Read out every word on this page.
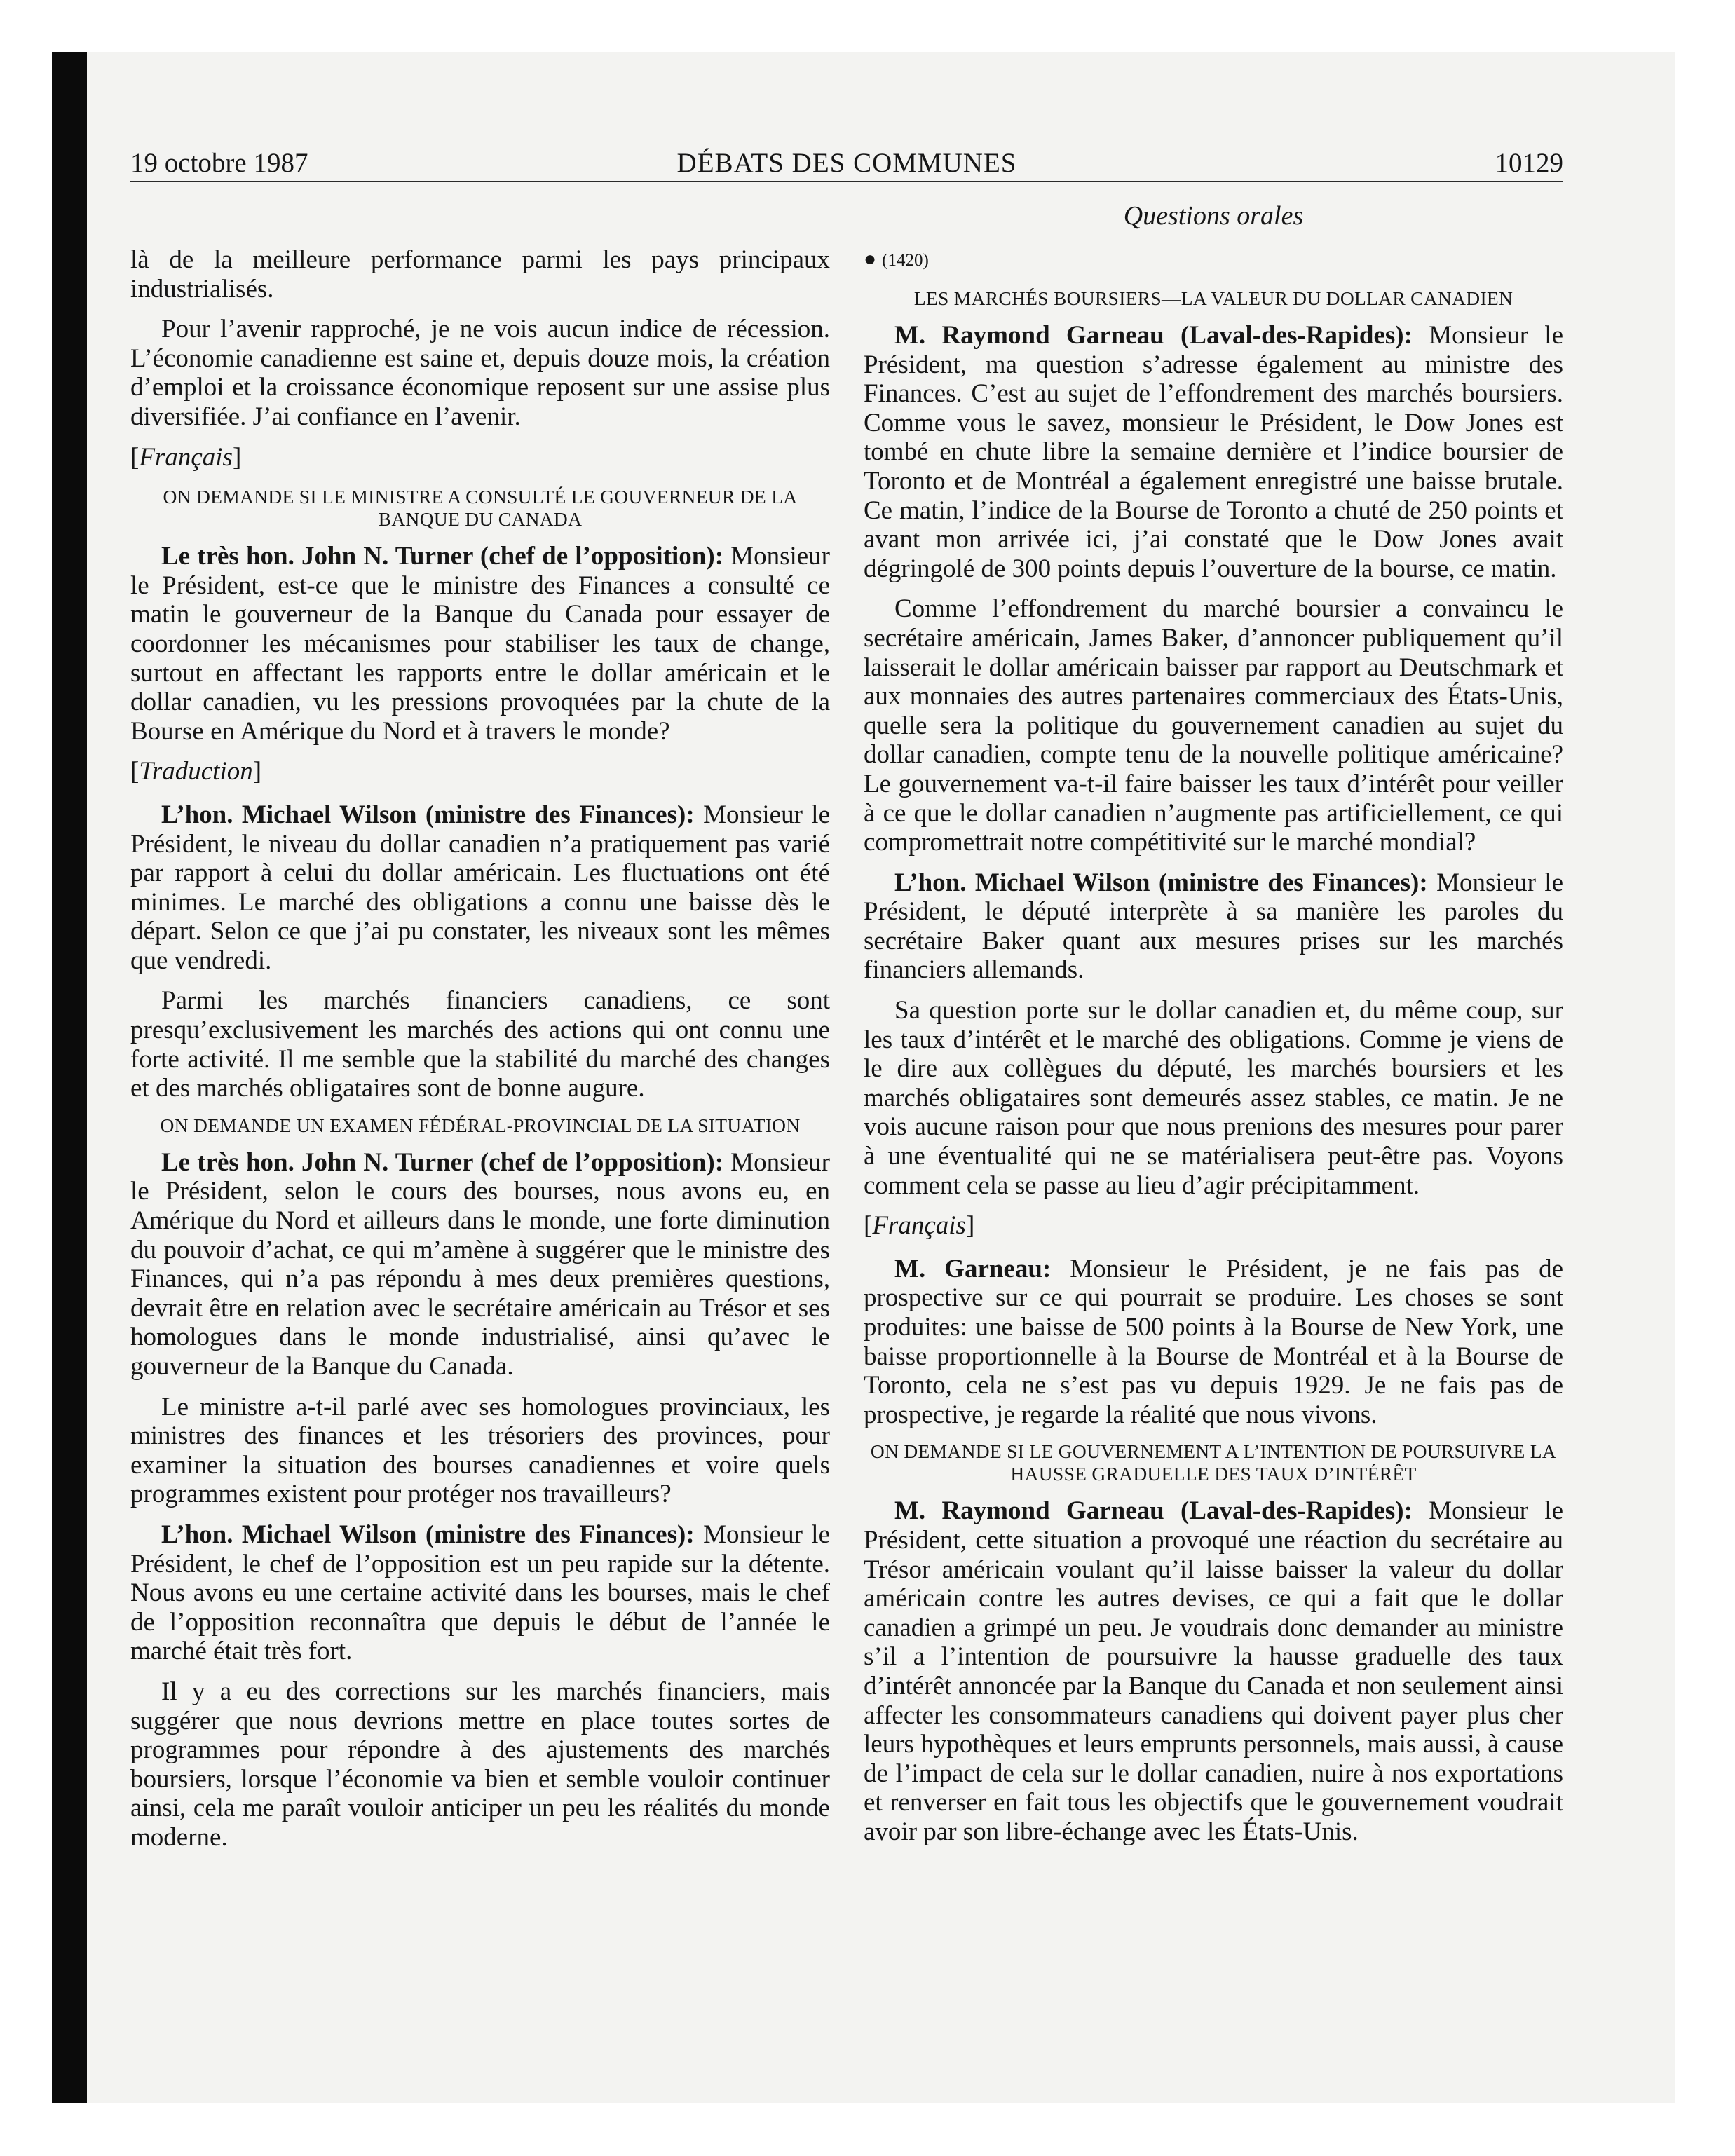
19 octobre 1987	DÉBATS DES COMMUNES	10129
Questions orales

là de la meilleure performance parmi les pays principaux industrialisés.

Pour l’avenir rapproché, je ne vois aucun indice de récession. L’économie canadienne est saine et, depuis douze mois, la création d’emploi et la croissance économique reposent sur une assise plus diversifiée. J’ai confiance en l’avenir.

[Français]

ON DEMANDE SI LE MINISTRE A CONSULTÉ LE GOUVERNEUR DE LA BANQUE DU CANADA

Le très hon. John N. Turner (chef de l’opposition): Monsieur le Président, est-ce que le ministre des Finances a consulté ce matin le gouverneur de la Banque du Canada pour essayer de coordonner les mécanismes pour stabiliser les taux de change, surtout en affectant les rapports entre le dollar américain et le dollar canadien, vu les pressions provoquées par la chute de la Bourse en Amérique du Nord et à travers le monde?

[Traduction]

L’hon. Michael Wilson (ministre des Finances): Monsieur le Président, le niveau du dollar canadien n’a pratiquement pas varié par rapport à celui du dollar américain. Les fluctuations ont été minimes. Le marché des obligations a connu une baisse dès le départ. Selon ce que j’ai pu constater, les niveaux sont les mêmes que vendredi.

Parmi les marchés financiers canadiens, ce sont presqu’exclusivement les marchés des actions qui ont connu une forte activité. Il me semble que la stabilité du marché des changes et des marchés obligataires sont de bonne augure.

ON DEMANDE UN EXAMEN FÉDÉRAL-PROVINCIAL DE LA SITUATION

Le très hon. John N. Turner (chef de l’opposition): Monsieur le Président, selon le cours des bourses, nous avons eu, en Amérique du Nord et ailleurs dans le monde, une forte diminution du pouvoir d’achat, ce qui m’amène à suggérer que le ministre des Finances, qui n’a pas répondu à mes deux premières questions, devrait être en relation avec le secrétaire américain au Trésor et ses homologues dans le monde industrialisé, ainsi qu’avec le gouverneur de la Banque du Canada.

Le ministre a-t-il parlé avec ses homologues provinciaux, les ministres des finances et les trésoriers des provinces, pour examiner la situation des bourses canadiennes et voire quels programmes existent pour protéger nos travailleurs?

L’hon. Michael Wilson (ministre des Finances): Monsieur le Président, le chef de l’opposition est un peu rapide sur la détente. Nous avons eu une certaine activité dans les bourses, mais le chef de l’opposition reconnaîtra que depuis le début de l’année le marché était très fort.

Il y a eu des corrections sur les marchés financiers, mais suggérer que nous devrions mettre en place toutes sortes de programmes pour répondre à des ajustements des marchés boursiers, lorsque l’économie va bien et semble vouloir continuer ainsi, cela me paraît vouloir anticiper un peu les réalités du monde moderne.

● (1420)

LES MARCHÉS BOURSIERS—LA VALEUR DU DOLLAR CANADIEN

M. Raymond Garneau (Laval-des-Rapides): Monsieur le Président, ma question s’adresse également au ministre des Finances. C’est au sujet de l’effondrement des marchés boursiers. Comme vous le savez, monsieur le Président, le Dow Jones est tombé en chute libre la semaine dernière et l’indice boursier de Toronto et de Montréal a également enregistré une baisse brutale. Ce matin, l’indice de la Bourse de Toronto a chuté de 250 points et avant mon arrivée ici, j’ai constaté que le Dow Jones avait dégringolé de 300 points depuis l’ouverture de la bourse, ce matin.

Comme l’effondrement du marché boursier a convaincu le secrétaire américain, James Baker, d’annoncer publiquement qu’il laisserait le dollar américain baisser par rapport au Deutschmark et aux monnaies des autres partenaires commerciaux des États-Unis, quelle sera la politique du gouvernement canadien au sujet du dollar canadien, compte tenu de la nouvelle politique américaine? Le gouvernement va-t-il faire baisser les taux d’intérêt pour veiller à ce que le dollar canadien n’augmente pas artificiellement, ce qui compromettrait notre compétitivité sur le marché mondial?

L’hon. Michael Wilson (ministre des Finances): Monsieur le Président, le député interprète à sa manière les paroles du secrétaire Baker quant aux mesures prises sur les marchés financiers allemands.

Sa question porte sur le dollar canadien et, du même coup, sur les taux d’intérêt et le marché des obligations. Comme je viens de le dire aux collègues du député, les marchés boursiers et les marchés obligataires sont demeurés assez stables, ce matin. Je ne vois aucune raison pour que nous prenions des mesures pour parer à une éventualité qui ne se matérialisera peut-être pas. Voyons comment cela se passe au lieu d’agir précipitamment.

[Français]

M. Garneau: Monsieur le Président, je ne fais pas de prospective sur ce qui pourrait se produire. Les choses se sont produites: une baisse de 500 points à la Bourse de New York, une baisse proportionnelle à la Bourse de Montréal et à la Bourse de Toronto, cela ne s’est pas vu depuis 1929. Je ne fais pas de prospective, je regarde la réalité que nous vivons.

ON DEMANDE SI LE GOUVERNEMENT A L’INTENTION DE POURSUIVRE LA HAUSSE GRADUELLE DES TAUX D’INTÉRÊT

M. Raymond Garneau (Laval-des-Rapides): Monsieur le Président, cette situation a provoqué une réaction du secrétaire au Trésor américain voulant qu’il laisse baisser la valeur du dollar américain contre les autres devises, ce qui a fait que le dollar canadien a grimpé un peu. Je voudrais donc demander au ministre s’il a l’intention de poursuivre la hausse graduelle des taux d’intérêt annoncée par la Banque du Canada et non seulement ainsi affecter les consommateurs canadiens qui doivent payer plus cher leurs hypothèques et leurs emprunts personnels, mais aussi, à cause de l’impact de cela sur le dollar canadien, nuire à nos exportations et renverser en fait tous les objectifs que le gouvernement voudrait avoir par son libre-échange avec les États-Unis.
